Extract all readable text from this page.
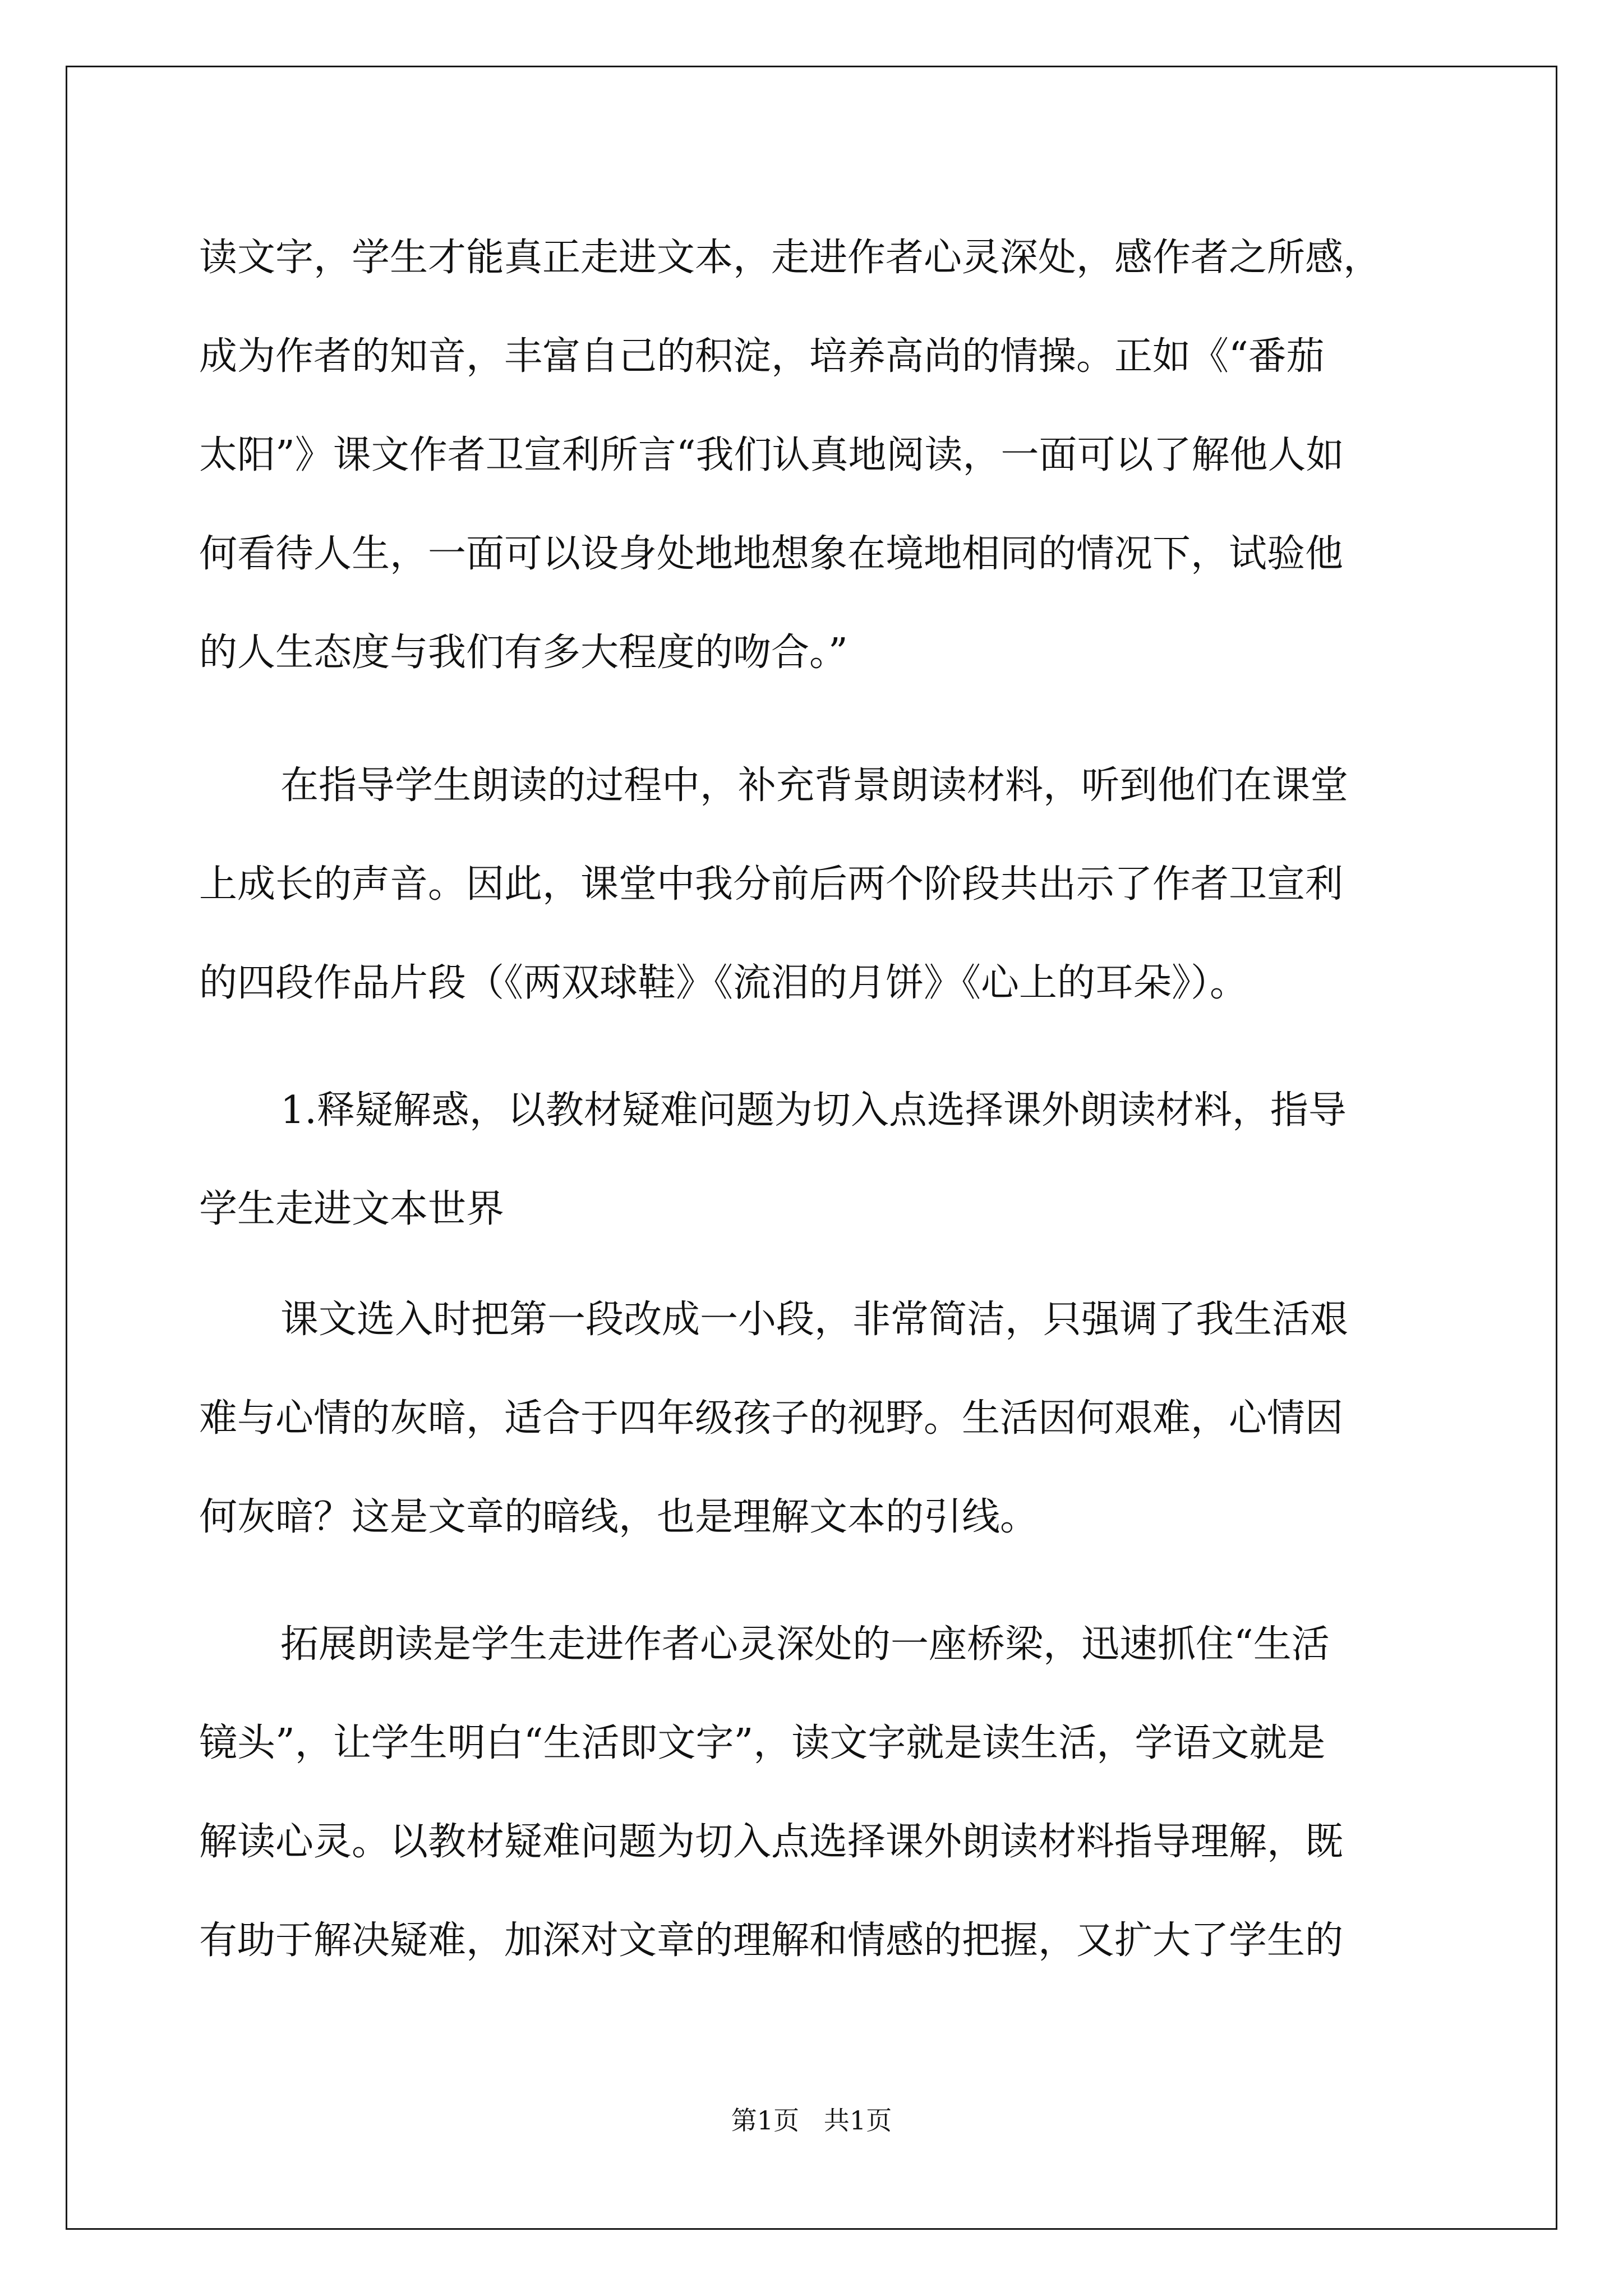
读文字，学生才能真正走进文本，走进作者心灵深处，感作者之所感，

成为作者的知音，丰富自己的积淀，培养高尚的情操。正如《“番茄

太阳”》课文作者卫宣利所言“我们认真地阅读，一面可以了解他人如

何看待人生，一面可以设身处地地想象在境地相同的情况下，试验他

的人生态度与我们有多大程度的吻合。”

在指导学生朗读的过程中，补充背景朗读材料，听到他们在课堂

上成长的声音。因此，课堂中我分前后两个阶段共出示了作者卫宣利

的四段作品片段（《两双球鞋》《流泪的月饼》《心上的耳朵》）。

1.释疑解惑，以教材疑难问题为切入点选择课外朗读材料，指导

学生走进文本世界

课文选入时把第一段改成一小段，非常简洁，只强调了我生活艰

难与心情的灰暗，适合于四年级孩子的视野。生活因何艰难，心情因

何灰暗？这是文章的暗线，也是理解文本的引线。

拓展朗读是学生走进作者心灵深处的一座桥梁，迅速抓住“生活

镜头”，让学生明白“生活即文字”，读文字就是读生活，学语文就是

解读心灵。以教材疑难问题为切入点选择课外朗读材料指导理解，既

有助于解决疑难，加深对文章的理解和情感的把握，又扩大了学生的

第1页   共1页
